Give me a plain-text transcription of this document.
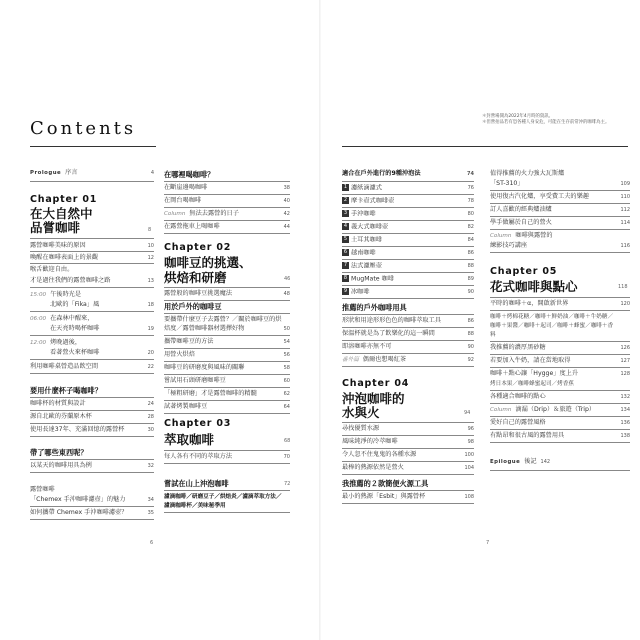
Contents
Prologue 序言	4
Chapter 01
在大自然中
品嘗咖啡	8
露營咖啡美味的原因	10
喚醒在咖啡表面上的景觀	12
喉舌歡迎自由。
才是過往我們的露營咖啡之路	13
15:00 午後時光是
北歐的「Fika」風	18
06:00 在森林中醒來，
在天亮時喝杯咖啡	19
12:00 烤晚過後，
看著營火來杯咖啡	20
利用咖啡桌營造品飲空間	22
要用什麼杯子喝咖啡？
咖啡杯的材質與設計	24
源自北歐的芬蘭原木杯	28
使用長達37年、充滿回憶的露營杯	30
帶了哪些東西呢？
以某天的咖啡用具為例	32
露營咖啡
「Chemex 手沖咖啡濾壺」的魅力	34
如何攜帶 Chemex 手沖咖啡濾壺？	35
在哪裡喝咖啡？
在斷崖邊喝咖啡	38
在岡台喝咖啡	40
Column 無法去露營的日子	42
在露營拖車上喝咖啡	44
Chapter 02
咖啡豆的挑選、
烘焙和研磨	46
露營般的咖啡豆挑選魔法	48
用於戶外的咖啡豆
要攜帶什麼豆子去露營？／關於咖啡豆的烘
焙度／露營咖啡器材選擇好物	50
攜帶咖啡豆的方法	54
用營火烘焙	56
咖啡豆的研磨度與風味的關聯	58
嘗試用石頭研磨咖啡豆	60
「極粗研磨」才是露營咖啡的精髓	62
試著烤製咖啡豆	64
Chapter 03
萃取咖啡	68
每人各有不同的萃取方法	70
嘗試在山上沖泡咖啡	72
濾滴咖啡／研磨豆子／烘焙炎／濾滴萃取方法／
濾滴咖啡杯／美味秘季用
6
＊封營場開為2022年4月時的資訊。
＊但營拍品若有恐各種人身安危，可能在生存前常沖的咖啡為主。
適合在戶外進行的9種沖泡法	74
1 濾紙滴濾式	76
2 摩卡壺式咖啡壺	78
3 手沖咖啡	80
4 義大式咖啡壺	82
5 土耳其咖啡	84
6 越南咖啡	86
7 法式濾壓壺	88
8 MugMate 咖啡	89
9 冰咖啡	90
推薦的戶外咖啡用具
形狀和用途形形色色的咖啡萃取工具	86
保溫杯就是為了飲樂化的這一瞬間	88
即溶咖啡亦無不可	90
番外篇 偶爾也想喝紅茶	92
Chapter 04
沖泡咖啡的
水與火	94
尋找優質水源	96
風味純淨的冷萃咖啡	98
令人忽不住鬼鬼的各種水源	100
最棒的熱源依然是營火	104
我推薦的２款簡便火源工具
最小的熱源「Esbit」與露營杯	108
值得推薦的火力強大瓦斯爐
「ST-310」	109
使用復古汽化爐，享受費工夫的樂趣	110
訂人喜歡的經典爐油爐	112
學手做屬於自己的營火	114
Column 咖啡與露營的
練影技巧講座	116
Chapter 05
花式咖啡與點心	118
平時的咖啡＋α，開啟新世界	120
咖啡＋烤棉花糖／咖啡＋鮮奶油／咖啡＋牛奶糖／
咖啡＋果醬／咖啡＋起司／咖啡＋蜂蜜／咖啡＋香
料
我推薦的濃厚黑砂糖	126
若要加入牛奶，請在當地取得	127
咖啡＋點心讓「Hygge」度上升	128
烤日本果／咖啡蜂蜜起司／烤香蕉
各種適合咖啡的點心	132
Column 滴漏（Drip）＆旅遊（Trip）	134
愛好自己的露營風格	136
有點昂和很古風的露營用具	138
Epilogue 後記 142
7
